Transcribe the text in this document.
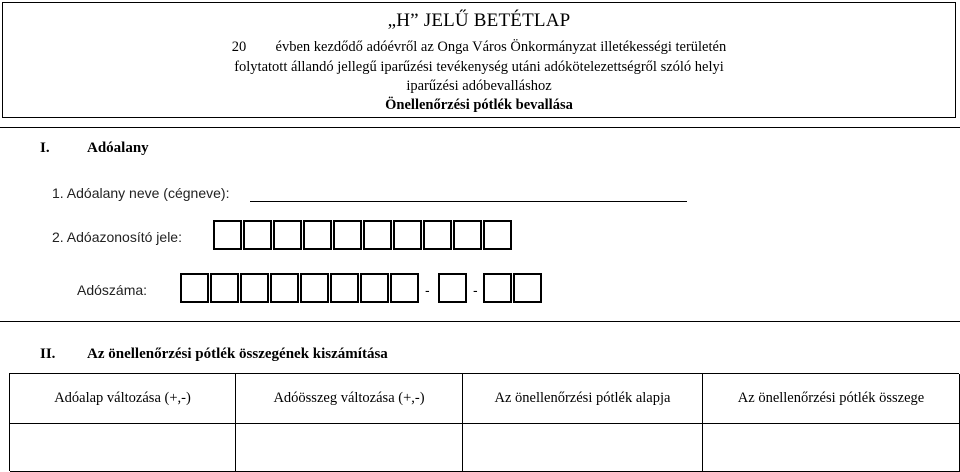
„H” JELŰ BETÉTLAP
20 évben kezdődő adóévről az Onga Város Önkormányzat illetékességi területén
folytatott állandó jellegű iparűzési tevékenység utáni adókötelezettségről szóló helyi
iparűzési adóbevalláshoz
Önellenőrzési pótlék bevallása
I. Adóalany
1. Adóalany neve (cégneve):
2. Adóazonosító jele:
Adószáma:	-	-
II. Az önellenőrzési pótlék összegének kiszámítása
Adóalap változása (+,-)	Adóösszeg változása (+,-)	Az önellenőrzési pótlék alapja	Az önellenőrzési pótlék összege
